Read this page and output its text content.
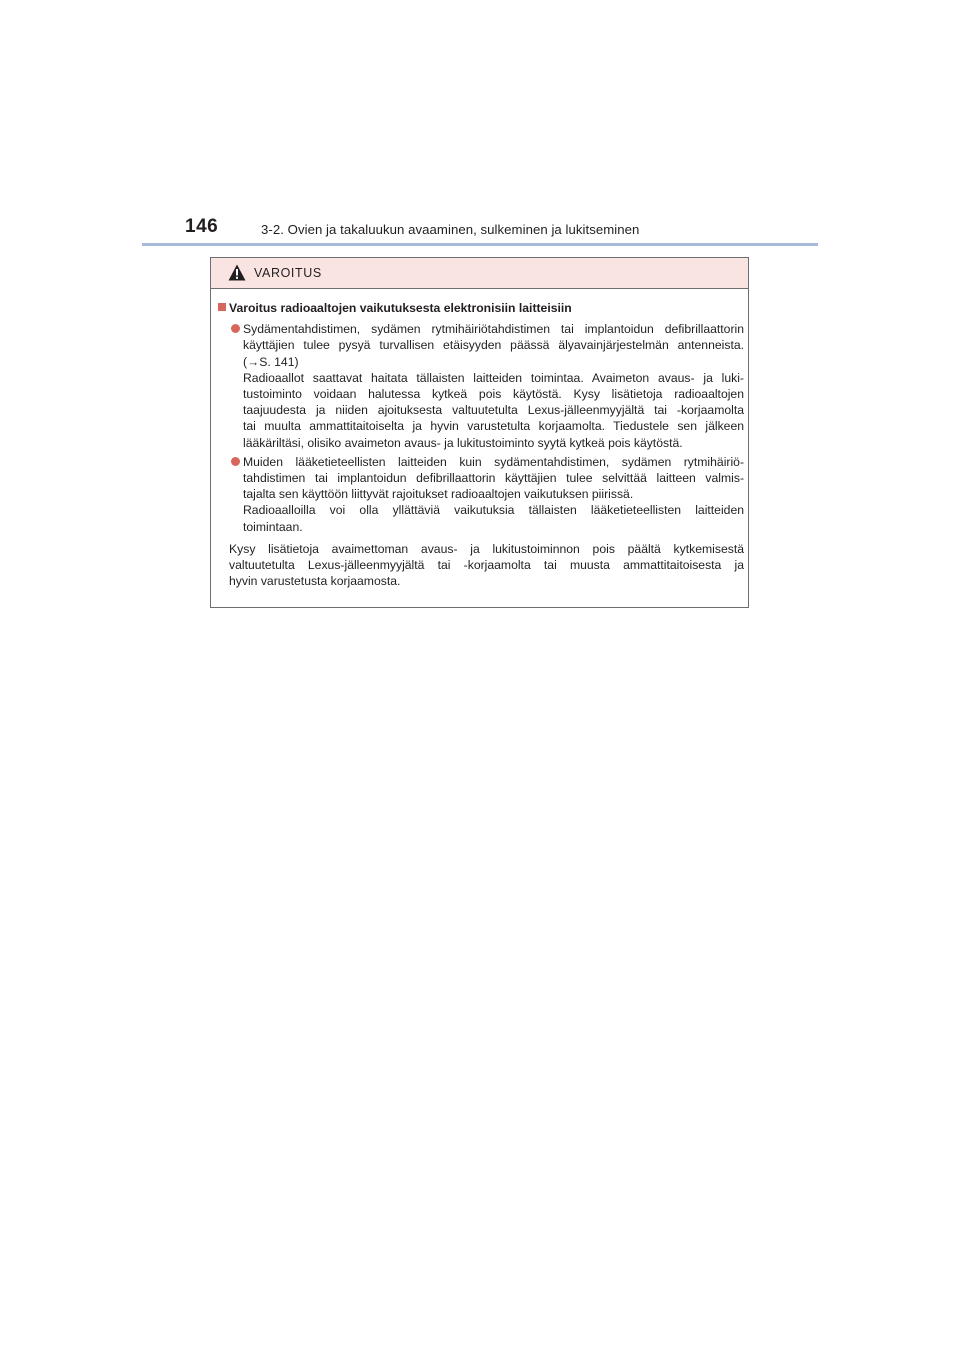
146	3-2. Ovien ja takaluukun avaaminen, sulkeminen ja lukitseminen
VAROITUS
Varoitus radioaaltojen vaikutuksesta elektronisiin laitteisiin
Sydämentahdistimen, sydämen rytmihäiriötahdistimen tai implantoidun defibrillaattorin
käyttäjien tulee pysyä turvallisen etäisyyden päässä älyavainjärjestelmän antenneista.
(→S. 141)
Radioaallot saattavat haitata tällaisten laitteiden toimintaa. Avaimeton avaus- ja luki-
tustoiminto voidaan halutessa kytkeä pois käytöstä. Kysy lisätietoja radioaaltojen
taajuudesta ja niiden ajoituksesta valtuutetulta Lexus-jälleenmyyjältä tai -korjaamolta
tai muulta ammattitaitoiselta ja hyvin varustetulta korjaamolta. Tiedustele sen jälkeen
lääkäriltäsi, olisiko avaimeton avaus- ja lukitustoiminto syytä kytkeä pois käytöstä.
Muiden lääketieteellisten laitteiden kuin sydämentahdistimen, sydämen rytmihäiriö-
tahdistimen tai implantoidun defibrillaattorin käyttäjien tulee selvittää laitteen valmis-
tajalta sen käyttöön liittyvät rajoitukset radioaaltojen vaikutuksen piirissä.
Radioaalloilla voi olla yllättäviä vaikutuksia tällaisten lääketieteellisten laitteiden
toimintaan.
Kysy lisätietoja avaimettoman avaus- ja lukitustoiminnon pois päältä kytkemisestä
valtuutetulta Lexus-jälleenmyyjältä tai -korjaamolta tai muusta ammattitaitoisesta ja
hyvin varustetusta korjaamosta.
